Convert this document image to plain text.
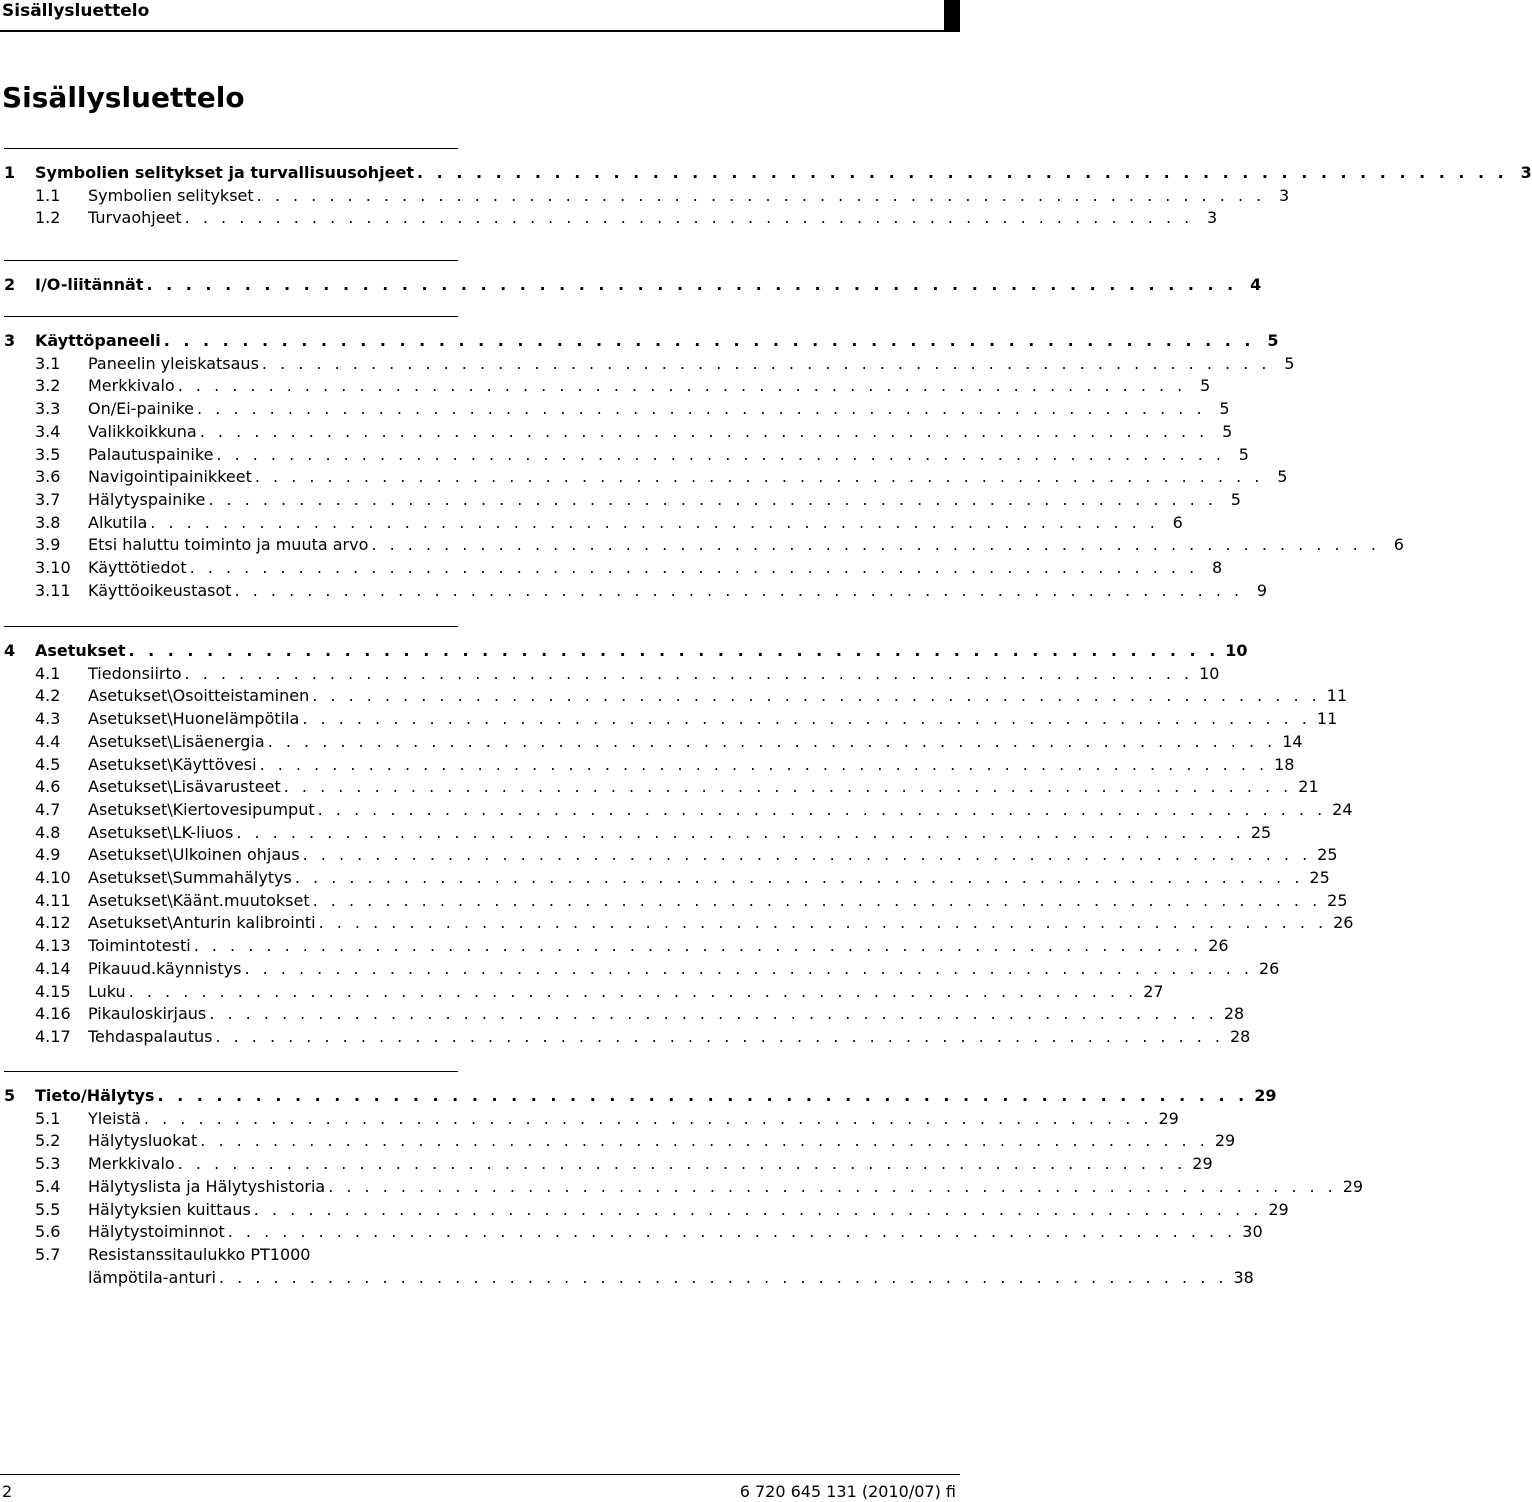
Sisällysluettelo
Sisällysluettelo
1 Symbolien selitykset ja turvallisuusohjeet . . . . . . . . . . . . . . . . . . . . . . . . . . . . . . . . . . . . . . . . . . . . . . . . . . . . . . . . 3
1.1 Symbolien selitykset . . . . . . . . . . . . . . . . . . . . . . . . . . . . . . . . . . . . . . . . . . . . . . . . . . . . . . . . 3
1.2 Turvaohjeet . . . . . . . . . . . . . . . . . . . . . . . . . . . . . . . . . . . . . . . . . . . . . . . . . . . . . . . . 3
2 I/O-liitännät . . . . . . . . . . . . . . . . . . . . . . . . . . . . . . . . . . . . . . . . . . . . . . . . . . . . . . . . 4
3 Käyttöpaneeli . . . . . . . . . . . . . . . . . . . . . . . . . . . . . . . . . . . . . . . . . . . . . . . . . . . . . . . . 5
3.1 Paneelin yleiskatsaus . . . . . . . . . . . . . . . . . . . . . . . . . . . . . . . . . . . . . . . . . . . . . . . . . . . . . . . . 5
3.2 Merkkivalo . . . . . . . . . . . . . . . . . . . . . . . . . . . . . . . . . . . . . . . . . . . . . . . . . . . . . . . . 5
3.3 On/Ei-painike . . . . . . . . . . . . . . . . . . . . . . . . . . . . . . . . . . . . . . . . . . . . . . . . . . . . . . . . 5
3.4 Valikkoikkuna . . . . . . . . . . . . . . . . . . . . . . . . . . . . . . . . . . . . . . . . . . . . . . . . . . . . . . . . 5
3.5 Palautuspainike . . . . . . . . . . . . . . . . . . . . . . . . . . . . . . . . . . . . . . . . . . . . . . . . . . . . . . . . 5
3.6 Navigointipainikkeet . . . . . . . . . . . . . . . . . . . . . . . . . . . . . . . . . . . . . . . . . . . . . . . . . . . . . . . . 5
3.7 Hälytyspainike . . . . . . . . . . . . . . . . . . . . . . . . . . . . . . . . . . . . . . . . . . . . . . . . . . . . . . . . 5
3.8 Alkutila . . . . . . . . . . . . . . . . . . . . . . . . . . . . . . . . . . . . . . . . . . . . . . . . . . . . . . . . 6
3.9 Etsi haluttu toiminto ja muuta arvo . . . . . . . . . . . . . . . . . . . . . . . . . . . . . . . . . . . . . . . . . . . . . . . . . . . . . . . . 6
3.10 Käyttötiedot . . . . . . . . . . . . . . . . . . . . . . . . . . . . . . . . . . . . . . . . . . . . . . . . . . . . . . . . 8
3.11 Käyttöoikeustasot . . . . . . . . . . . . . . . . . . . . . . . . . . . . . . . . . . . . . . . . . . . . . . . . . . . . . . . . 9
4 Asetukset . . . . . . . . . . . . . . . . . . . . . . . . . . . . . . . . . . . . . . . . . . . . . . . . . . . . . . . . 10
4.1 Tiedonsiirto . . . . . . . . . . . . . . . . . . . . . . . . . . . . . . . . . . . . . . . . . . . . . . . . . . . . . . . . 10
4.2 Asetukset\Osoitteistaminen . . . . . . . . . . . . . . . . . . . . . . . . . . . . . . . . . . . . . . . . . . . . . . . . . . . . . . . . 11
4.3 Asetukset\Huonelämpötila . . . . . . . . . . . . . . . . . . . . . . . . . . . . . . . . . . . . . . . . . . . . . . . . . . . . . . . . 11
4.4 Asetukset\Lisäenergia . . . . . . . . . . . . . . . . . . . . . . . . . . . . . . . . . . . . . . . . . . . . . . . . . . . . . . . . 14
4.5 Asetukset\Käyttövesi . . . . . . . . . . . . . . . . . . . . . . . . . . . . . . . . . . . . . . . . . . . . . . . . . . . . . . . . 18
4.6 Asetukset\Lisävarusteet . . . . . . . . . . . . . . . . . . . . . . . . . . . . . . . . . . . . . . . . . . . . . . . . . . . . . . . . 21
4.7 Asetukset\Kiertovesipumput . . . . . . . . . . . . . . . . . . . . . . . . . . . . . . . . . . . . . . . . . . . . . . . . . . . . . . . . 24
4.8 Asetukset\LK-liuos . . . . . . . . . . . . . . . . . . . . . . . . . . . . . . . . . . . . . . . . . . . . . . . . . . . . . . . . 25
4.9 Asetukset\Ulkoinen ohjaus . . . . . . . . . . . . . . . . . . . . . . . . . . . . . . . . . . . . . . . . . . . . . . . . . . . . . . . . 25
4.10 Asetukset\Summahälytys . . . . . . . . . . . . . . . . . . . . . . . . . . . . . . . . . . . . . . . . . . . . . . . . . . . . . . . . 25
4.11 Asetukset\Käänt.muutokset . . . . . . . . . . . . . . . . . . . . . . . . . . . . . . . . . . . . . . . . . . . . . . . . . . . . . . . . 25
4.12 Asetukset\Anturin kalibrointi . . . . . . . . . . . . . . . . . . . . . . . . . . . . . . . . . . . . . . . . . . . . . . . . . . . . . . . . 26
4.13 Toimintotesti . . . . . . . . . . . . . . . . . . . . . . . . . . . . . . . . . . . . . . . . . . . . . . . . . . . . . . . . 26
4.14 Pikauud.käynnistys . . . . . . . . . . . . . . . . . . . . . . . . . . . . . . . . . . . . . . . . . . . . . . . . . . . . . . . . 26
4.15 Luku . . . . . . . . . . . . . . . . . . . . . . . . . . . . . . . . . . . . . . . . . . . . . . . . . . . . . . . . 27
4.16 Pikauloskirjaus . . . . . . . . . . . . . . . . . . . . . . . . . . . . . . . . . . . . . . . . . . . . . . . . . . . . . . . . 28
4.17 Tehdaspalautus . . . . . . . . . . . . . . . . . . . . . . . . . . . . . . . . . . . . . . . . . . . . . . . . . . . . . . . . 28
5 Tieto/Hälytys . . . . . . . . . . . . . . . . . . . . . . . . . . . . . . . . . . . . . . . . . . . . . . . . . . . . . . . . 29
5.1 Yleistä . . . . . . . . . . . . . . . . . . . . . . . . . . . . . . . . . . . . . . . . . . . . . . . . . . . . . . . . 29
5.2 Hälytysluokat . . . . . . . . . . . . . . . . . . . . . . . . . . . . . . . . . . . . . . . . . . . . . . . . . . . . . . . . 29
5.3 Merkkivalo . . . . . . . . . . . . . . . . . . . . . . . . . . . . . . . . . . . . . . . . . . . . . . . . . . . . . . . . 29
5.4 Hälytyslista ja Hälytyshistoria . . . . . . . . . . . . . . . . . . . . . . . . . . . . . . . . . . . . . . . . . . . . . . . . . . . . . . . . 29
5.5 Hälytyksien kuittaus . . . . . . . . . . . . . . . . . . . . . . . . . . . . . . . . . . . . . . . . . . . . . . . . . . . . . . . . 29
5.6 Hälytystoiminnot . . . . . . . . . . . . . . . . . . . . . . . . . . . . . . . . . . . . . . . . . . . . . . . . . . . . . . . . 30
5.7 Resistanssitaulukko PT1000
lämpötila-anturi . . . . . . . . . . . . . . . . . . . . . . . . . . . . . . . . . . . . . . . . . . . . . . . . . . . . . . . . 38
2	6 720 645 131 (2010/07) fi
